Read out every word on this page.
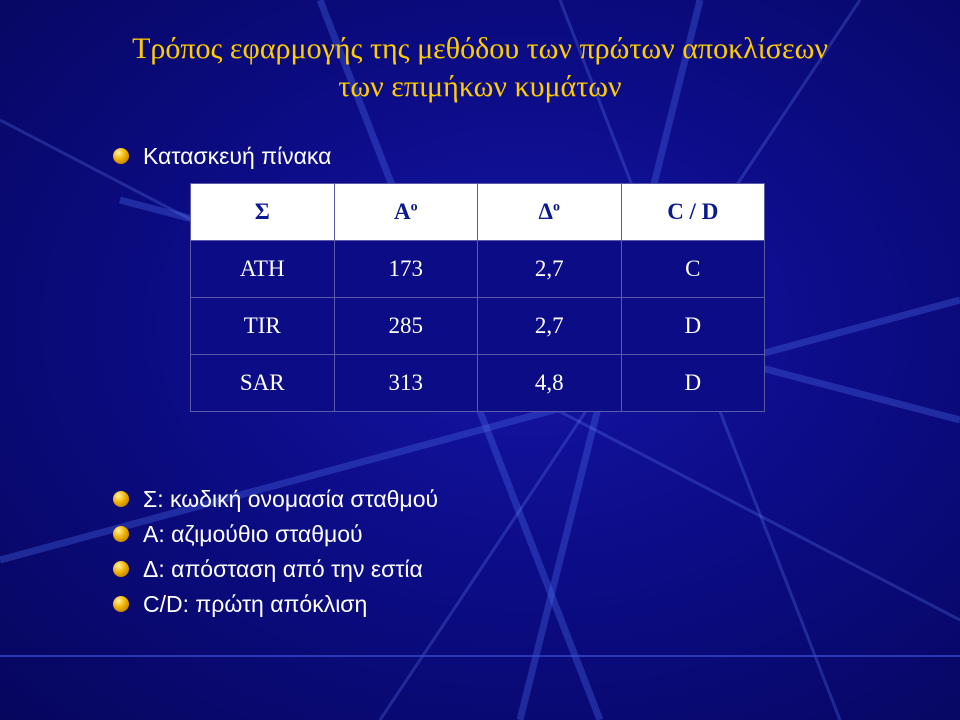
Τρόπος εφαρμογής της μεθόδου των πρώτων αποκλίσεων
των επιμήκων κυμάτων
Κατασκευή πίνακα
Σ	$A^o$	$\Delta^o$	C / D
ATH	173	2,7	C
TIR	285	2,7	D
SAR	313	4,8	D
Σ: κωδική ονομασία σταθμού
Α: αζιμούθιο σταθμού
Δ: απόσταση από την εστία
C/D: πρώτη απόκλιση
